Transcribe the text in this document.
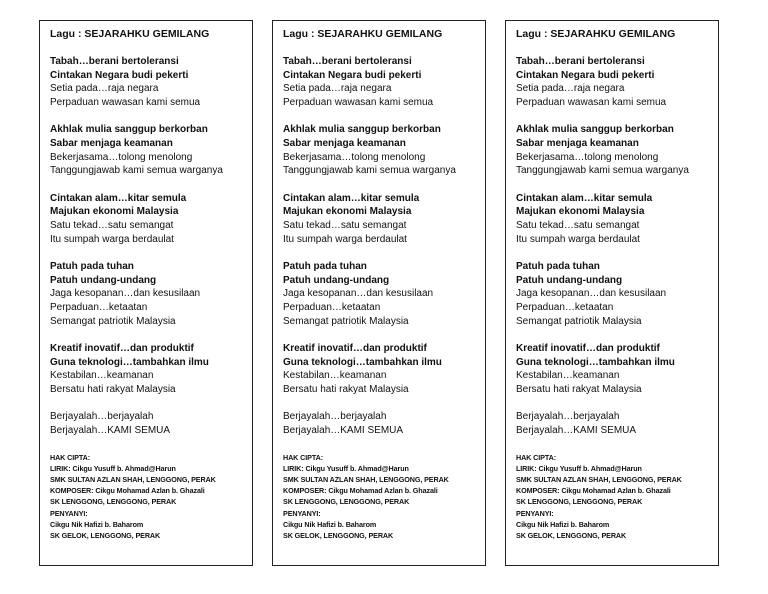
Lagu : SEJARAHKU GEMILANG
Tabah…berani bertoleransi
Cintakan Negara budi pekerti
Setia pada…raja negara
Perpaduan wawasan kami semua
Akhlak mulia sanggup berkorban
Sabar menjaga keamanan
Bekerjasama…tolong menolong
Tanggungjawab kami semua warganya
Cintakan alam…kitar semula
Majukan ekonomi Malaysia
Satu tekad…satu semangat
Itu sumpah warga berdaulat
Patuh pada tuhan
Patuh undang-undang
Jaga kesopanan…dan kesusilaan
Perpaduan…ketaatan
Semangat patriotik Malaysia
Kreatif inovatif…dan produktif
Guna teknologi…tambahkan ilmu
Kestabilan…keamanan
Bersatu hati rakyat Malaysia
Berjayalah…berjayalah
Berjayalah…KAMI SEMUA
HAK CIPTA:
LIRIK: Cikgu Yusuff b. Ahmad@Harun
SMK SULTAN AZLAN SHAH, LENGGONG, PERAK
KOMPOSER: Cikgu Mohamad Azlan b. Ghazali
SK LENGGONG, LENGGONG, PERAK
PENYANYI:
Cikgu Nik Hafizi b. Baharom
SK GELOK, LENGGONG, PERAK
Lagu : SEJARAHKU GEMILANG
Tabah…berani bertoleransi
Cintakan Negara budi pekerti
Setia pada…raja negara
Perpaduan wawasan kami semua
Akhlak mulia sanggup berkorban
Sabar menjaga keamanan
Bekerjasama…tolong menolong
Tanggungjawab kami semua warganya
Cintakan alam…kitar semula
Majukan ekonomi Malaysia
Satu tekad…satu semangat
Itu sumpah warga berdaulat
Patuh pada tuhan
Patuh undang-undang
Jaga kesopanan…dan kesusilaan
Perpaduan…ketaatan
Semangat patriotik Malaysia
Kreatif inovatif…dan produktif
Guna teknologi…tambahkan ilmu
Kestabilan…keamanan
Bersatu hati rakyat Malaysia
Berjayalah…berjayalah
Berjayalah…KAMI SEMUA
HAK CIPTA:
LIRIK: Cikgu Yusuff b. Ahmad@Harun
SMK SULTAN AZLAN SHAH, LENGGONG, PERAK
KOMPOSER: Cikgu Mohamad Azlan b. Ghazali
SK LENGGONG, LENGGONG, PERAK
PENYANYI:
Cikgu Nik Hafizi b. Baharom
SK GELOK, LENGGONG, PERAK
Lagu : SEJARAHKU GEMILANG
Tabah…berani bertoleransi
Cintakan Negara budi pekerti
Setia pada…raja negara
Perpaduan wawasan kami semua
Akhlak mulia sanggup berkorban
Sabar menjaga keamanan
Bekerjasama…tolong menolong
Tanggungjawab kami semua warganya
Cintakan alam…kitar semula
Majukan ekonomi Malaysia
Satu tekad…satu semangat
Itu sumpah warga berdaulat
Patuh pada tuhan
Patuh undang-undang
Jaga kesopanan…dan kesusilaan
Perpaduan…ketaatan
Semangat patriotik Malaysia
Kreatif inovatif…dan produktif
Guna teknologi…tambahkan ilmu
Kestabilan…keamanan
Bersatu hati rakyat Malaysia
Berjayalah…berjayalah
Berjayalah…KAMI SEMUA
HAK CIPTA:
LIRIK: Cikgu Yusuff b. Ahmad@Harun
SMK SULTAN AZLAN SHAH, LENGGONG, PERAK
KOMPOSER: Cikgu Mohamad Azlan b. Ghazali
SK LENGGONG, LENGGONG, PERAK
PENYANYI:
Cikgu Nik Hafizi b. Baharom
SK GELOK, LENGGONG, PERAK
